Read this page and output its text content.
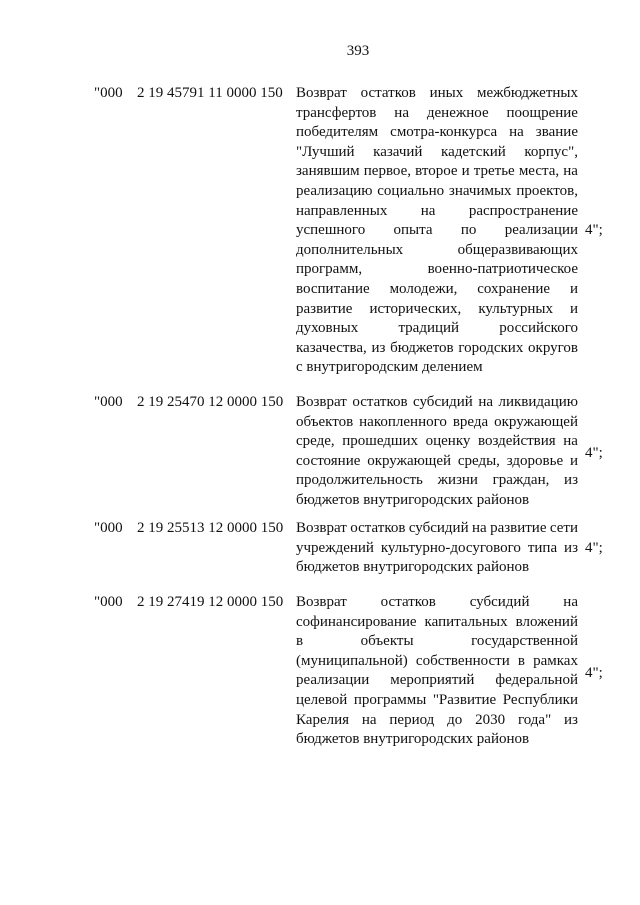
393
"000 2 19 45791 11 0000 150 Возврат остатков иных межбюджетных
трансфертов на денежное поощрение
победителям смотра-конкурса на звание
"Лучший казачий кадетский корпус",
занявшим первое, второе и третье места, на
реализацию социально значимых проектов,
направленных на распространение
успешного опыта по реализации
дополнительных	общеразвивающих
программ,	военно-патриотическое
воспитание молодежи, сохранение и
развитие исторических, культурных и
духовных	традиций	российского
казачества, из бюджетов городских округов
с внутригородским делением
4";
"000 2 19 25470 12 0000 150 Возврат остатков субсидий на ликвидацию
объектов накопленного вреда окружающей
среде, прошедших оценку воздействия на
состояние окружающей среды, здоровье и
продолжительность жизни граждан, из
бюджетов внутригородских районов
4";
"000 2 19 25513 12 0000 150 Возврат остатков субсидий на развитие сети
учреждений культурно-досугового типа из
бюджетов внутригородских районов
4";
"000 2 19 27419 12 0000 150 Возврат остатков субсидий на
софинансирование капитальных вложений
в	объекты	государственной
(муниципальной) собственности в рамках
реализации мероприятий федеральной
целевой программы "Развитие Республики
Карелия на период до 2030 года" из
бюджетов внутригородских районов
4";
